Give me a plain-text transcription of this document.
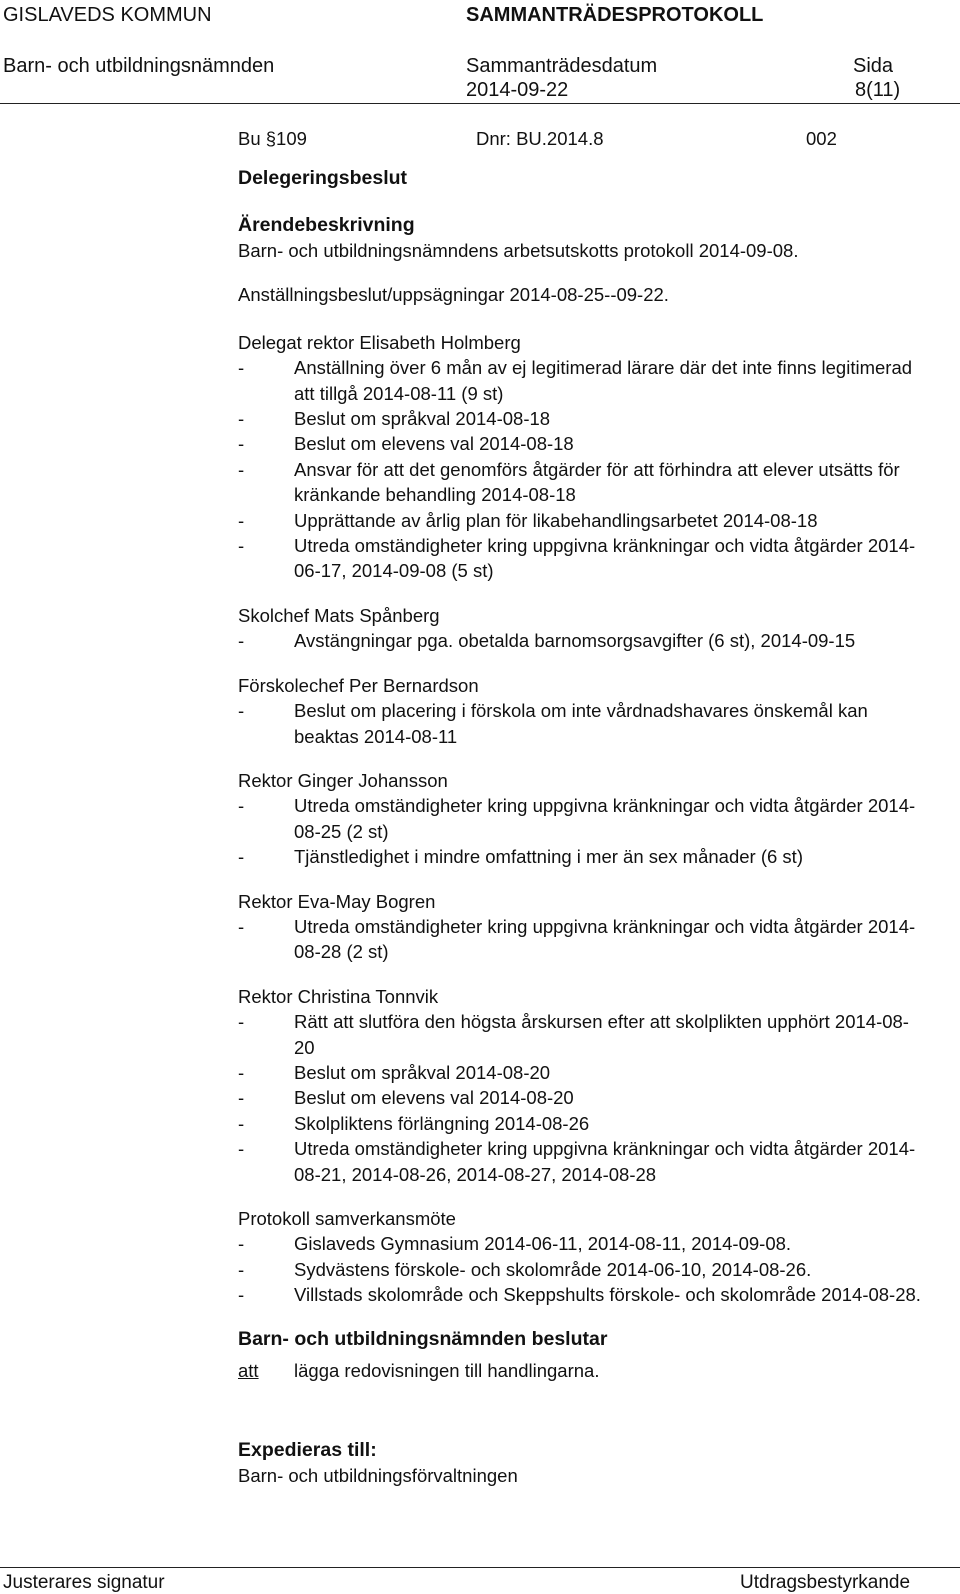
GISLAVEDS KOMMUN	SAMMANTRÄDESPROTOKOLL
Barn- och utbildningsnämnden	Sammanträdesdatum
2014-09-22
Sida
8(11)
Bu §109	Dnr: BU.2014.8	002

Delegeringsbeslut

Ärendebeskrivning

Barn- och utbildningsnämndens arbetsutskotts protokoll 2014-09-08.

Anställningsbeslut/uppsägningar 2014-08-25--09-22.

Delegat rektor Elisabeth Holmberg
- Anställning över 6 mån av ej legitimerad lärare där det inte finns legitimerad att tillgå 2014-08-11 (9 st)
- Beslut om språkval 2014-08-18
- Beslut om elevens val 2014-08-18
- Ansvar för att det genomförs åtgärder för att förhindra att elever utsätts för kränkande behandling 2014-08-18
- Upprättande av årlig plan för likabehandlingsarbetet 2014-08-18
- Utreda omständigheter kring uppgivna kränkningar och vidta åtgärder 2014-06-17, 2014-09-08 (5 st)
Skolchef Mats Spånberg
- Avstängningar pga. obetalda barnomsorgsavgifter (6 st), 2014-09-15
Förskolechef Per Bernardson
- Beslut om placering i förskola om inte vårdnadshavares önskemål kan beaktas 2014-08-11
Rektor Ginger Johansson
- Utreda omständigheter kring uppgivna kränkningar och vidta åtgärder 2014-08-25 (2 st)
- Tjänstledighet i mindre omfattning i mer än sex månader (6 st)
Rektor Eva-May Bogren
- Utreda omständigheter kring uppgivna kränkningar och vidta åtgärder 2014-08-28 (2 st)
Rektor Christina Tonnvik
- Rätt att slutföra den högsta årskursen efter att skolplikten upphört 2014-08-20
- Beslut om språkval 2014-08-20
- Beslut om elevens val 2014-08-20
- Skolpliktens förlängning 2014-08-26
- Utreda omständigheter kring uppgivna kränkningar och vidta åtgärder 2014-08-21, 2014-08-26, 2014-08-27, 2014-08-28
Protokoll samverkansmöte
- Gislaveds Gymnasium 2014-06-11, 2014-08-11, 2014-09-08.
- Sydvästens förskole- och skolområde 2014-06-10, 2014-08-26.
- Villstads skolområde och Skeppshults förskole- och skolområde 2014-08-28.

Barn- och utbildningsnämnden beslutar

att lägga redovisningen till handlingarna.

Expedieras till:

Barn- och utbildningsförvaltningen

Justerares signatur	Utdragsbestyrkande
